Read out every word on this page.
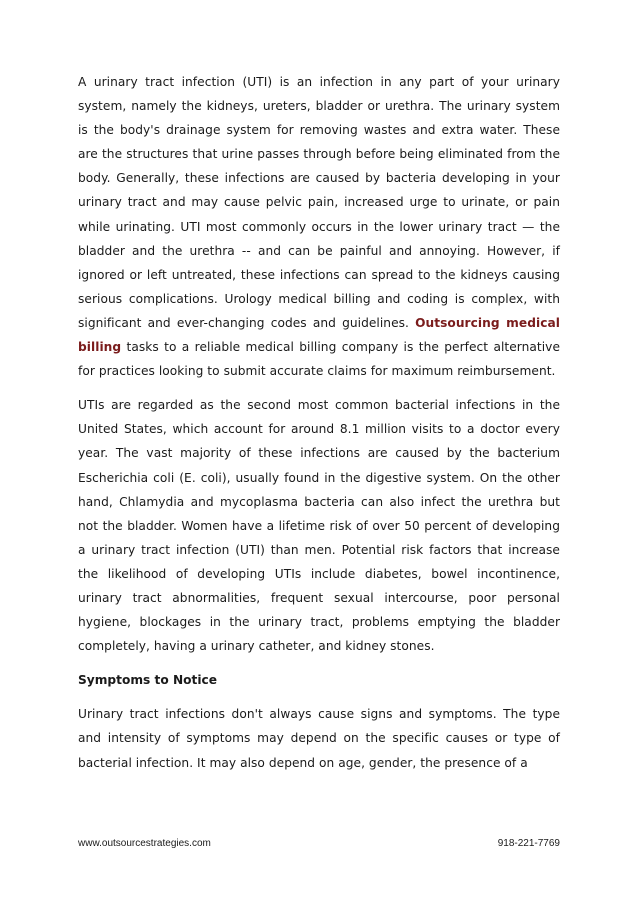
A urinary tract infection (UTI) is an infection in any part of your urinary system, namely the kidneys, ureters, bladder or urethra. The urinary system is the body's drainage system for removing wastes and extra water. These are the structures that urine passes through before being eliminated from the body. Generally, these infections are caused by bacteria developing in your urinary tract and may cause pelvic pain, increased urge to urinate, or pain while urinating. UTI most commonly occurs in the lower urinary tract — the bladder and the urethra -- and can be painful and annoying. However, if ignored or left untreated, these infections can spread to the kidneys causing serious complications. Urology medical billing and coding is complex, with significant and ever-changing codes and guidelines. Outsourcing medical billing tasks to a reliable medical billing company is the perfect alternative for practices looking to submit accurate claims for maximum reimbursement.

UTIs are regarded as the second most common bacterial infections in the United States, which account for around 8.1 million visits to a doctor every year. The vast majority of these infections are caused by the bacterium Escherichia coli (E. coli), usually found in the digestive system. On the other hand, Chlamydia and mycoplasma bacteria can also infect the urethra but not the bladder. Women have a lifetime risk of over 50 percent of developing a urinary tract infection (UTI) than men. Potential risk factors that increase the likelihood of developing UTIs include diabetes, bowel incontinence, urinary tract abnormalities, frequent sexual intercourse, poor personal hygiene, blockages in the urinary tract, problems emptying the bladder completely, having a urinary catheter, and kidney stones.

Symptoms to Notice

Urinary tract infections don't always cause signs and symptoms. The type and intensity of symptoms may depend on the specific causes or type of bacterial infection. It may also depend on age, gender, the presence of a

www.outsourcestrategies.com	918-221-7769
